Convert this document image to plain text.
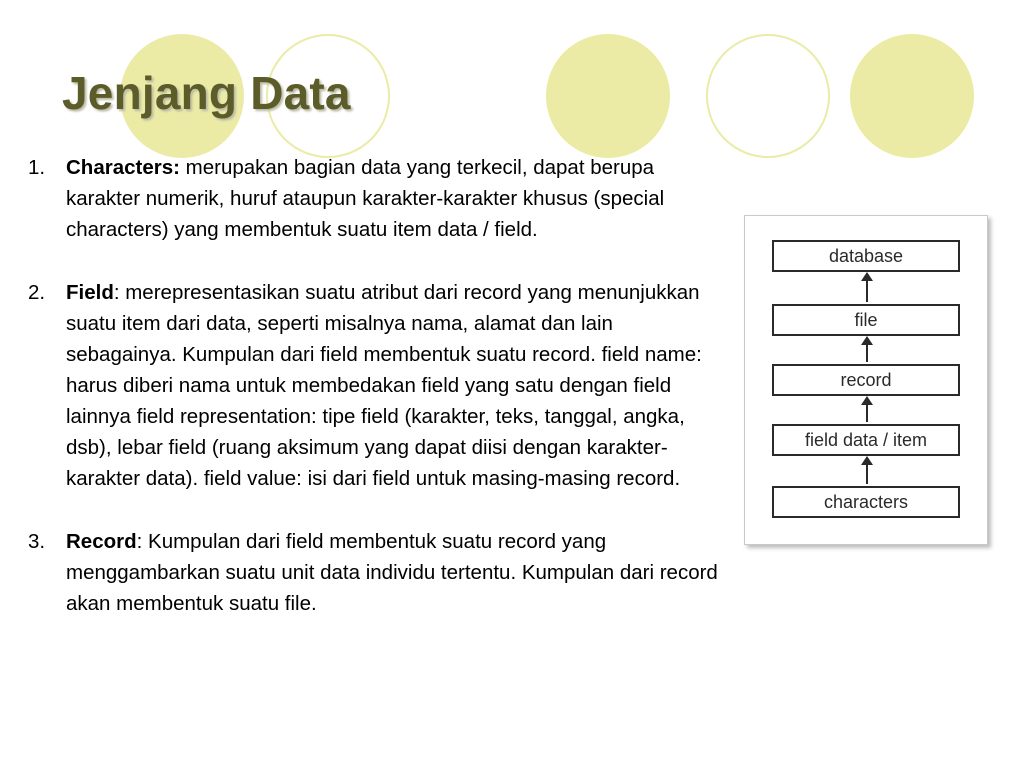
Jenjang Data
1.	Characters: merupakan bagian data yang terkecil, dapat berupa karakter numerik, huruf ataupun karakter-karakter khusus (special characters) yang membentuk suatu item data / field.
2.	Field: merepresentasikan suatu atribut dari record yang menunjukkan suatu item dari data, seperti misalnya nama, alamat dan lain sebagainya. Kumpulan dari field membentuk suatu record. field name: harus diberi nama untuk membedakan field yang satu dengan field lainnya field representation: tipe field (karakter, teks, tanggal, angka, dsb), lebar field (ruang aksimum yang dapat diisi dengan karakter-karakter data). field value: isi dari field untuk masing-masing record.
3.	Record: Kumpulan dari field membentuk suatu record yang menggambarkan suatu unit data individu tertentu. Kumpulan dari record akan membentuk suatu file.
database
file
record
field data / item
characters
